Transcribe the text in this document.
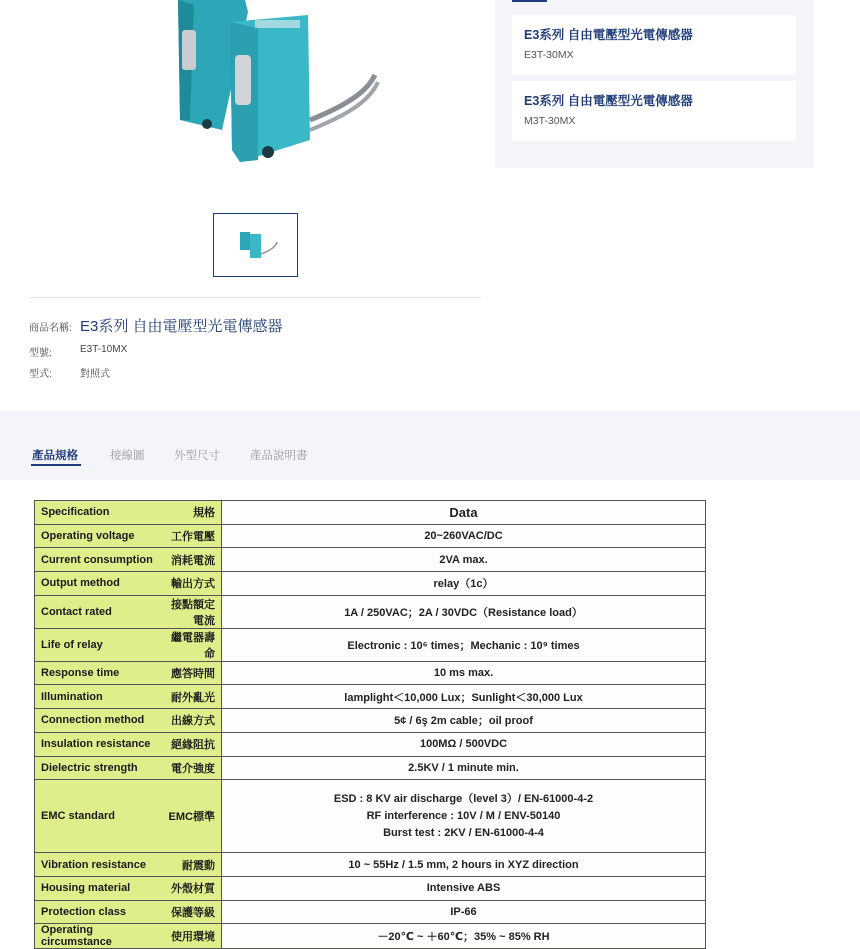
商品名稱: E3系列 自由電壓型光電傳感器
型號:	E3T-10MX
型式:	對照式
E3系列 自由電壓型光電傳感器
E3T-30MX
E3系列 自由電壓型光電傳感器
M3T-30MX
產品規格	接線圖	外型尺寸	產品說明書
Specification	規格	Data
Operating voltage	工作電壓	20~260VAC/DC
Current consumption	消耗電流	2VA max.
Output method	輸出方式	relay（1c）
Contact rated	接點額定電流	1A / 250VAC；2A / 30VDC（Resistance load）
Life of relay	繼電器壽命	Electronic : 10⁶ times；Mechanic : 10⁹ times
Response time	應答時間	10 ms max.
Illumination	耐外亂光	lamplight＜10,000 Lux；Sunlight＜30,000 Lux
Connection method	出線方式	5¢ / 6ş 2m cable；oil proof
Insulation resistance	絕緣阻抗	100MΩ / 500VDC
Dielectric strength	電介強度	2.5KV / 1 minute min.
EMC standard	EMC標準	ESD : 8 KV air discharge（level 3）/ EN-61000-4-2
RF interference : 10V / M / ENV-50140
Burst test : 2KV / EN-61000-4-4

Vibration resistance	耐震動	10 ~ 55Hz / 1.5 mm, 2 hours in XYZ direction
Housing material	外殼材質	Intensive ABS
Protection class	保護等級	IP-66
Operating circumstance	使用環境	－20℃ ~ ＋60℃；35% ~ 85% RH
